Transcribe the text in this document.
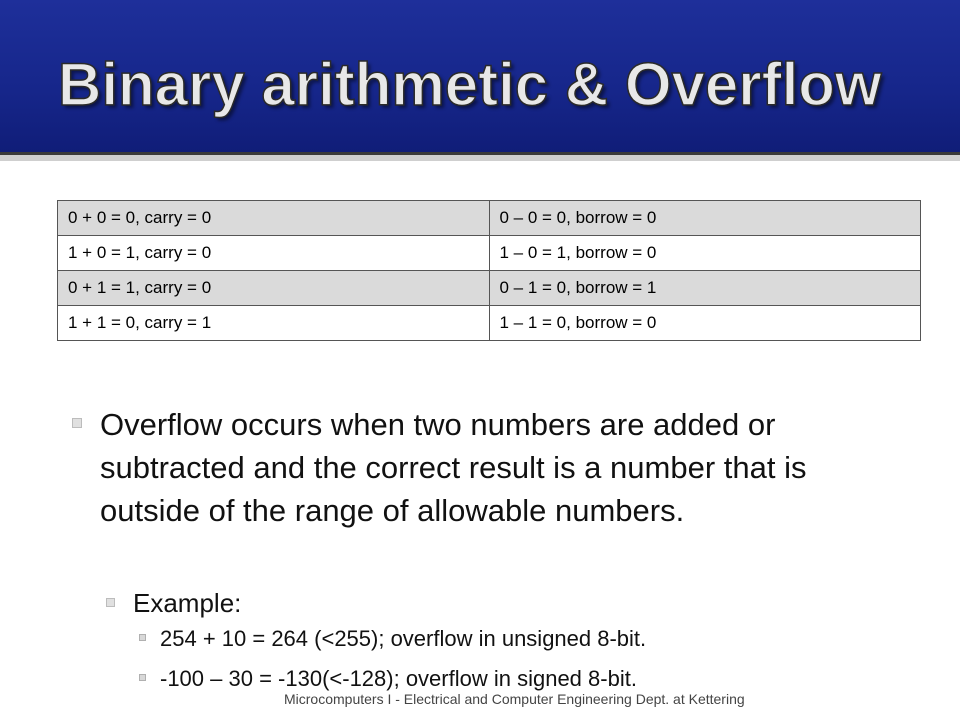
Binary arithmetic & Overflow
0 + 0 = 0, carry = 0	0 – 0 = 0, borrow = 0
1 + 0 = 1, carry = 0	1 – 0 = 1, borrow = 0
0 + 1 = 1, carry = 0	0 – 1 = 0, borrow = 1
1 + 1 = 0, carry = 1	1 – 1 = 0, borrow = 0

Overflow occurs when two numbers are added or subtracted and the correct result is a number that is outside of the range of allowable numbers.

Example:

254 + 10 = 264 (<255); overflow in unsigned 8-bit.

-100 – 30 = -130(<-128); overflow in signed 8-bit.

Microcomputers I - Electrical and Computer Engineering Dept. at Kettering
